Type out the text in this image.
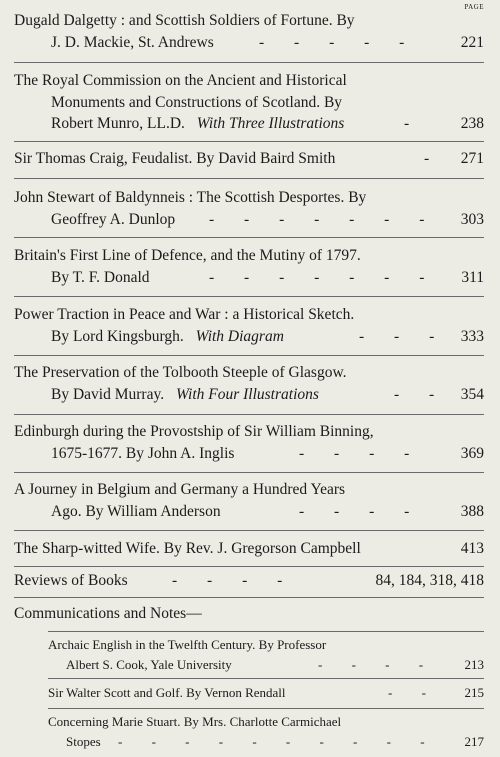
PAGE
Dugald Dalgetty : and Scottish Soldiers of Fortune. By
J. D. Mackie, St. Andrews	- - - - -	221
The Royal Commission on the Ancient and Historical
Monuments and Constructions of Scotland. By
Robert Munro, LL.D. With Three Illustrations	- 238
Sir Thomas Craig, Feudalist. By David Baird Smith	- 271
John Stewart of Baldynneis : The Scottish Desportes. By
Geoffrey A. Dunlop - - - - - - - 303
Britain's First Line of Defence, and the Mutiny of 1797.
By T. F. Donald	- - - - - - - 311
Power Traction in Peace and War : a Historical Sketch.
By Lord Kingsburgh. With Diagram	- - - 333
The Preservation of the Tolbooth Steeple of Glasgow.
By David Murray. With Four Illustrations	- - 354
Edinburgh during the Provostship of Sir William Binning,
1675-1677. By John A. Inglis	- - - - 369
A Journey in Belgium and Germany a Hundred Years
Ago. By William Anderson	- - - - 388
The Sharp-witted Wife. By Rev. J. Gregorson Campbell	413
Reviews of Books	- - - -	84, 184, 318, 418
Communications and Notes—
Archaic English in the Twelfth Century. By Professor
Albert S. Cook, Yale University	- - - - 213
Sir Walter Scott and Golf. By Vernon Rendall	- - 215
Concerning Marie Stuart. By Mrs. Charlotte Carmichael
Stopes - - - - - - - - - - 217
